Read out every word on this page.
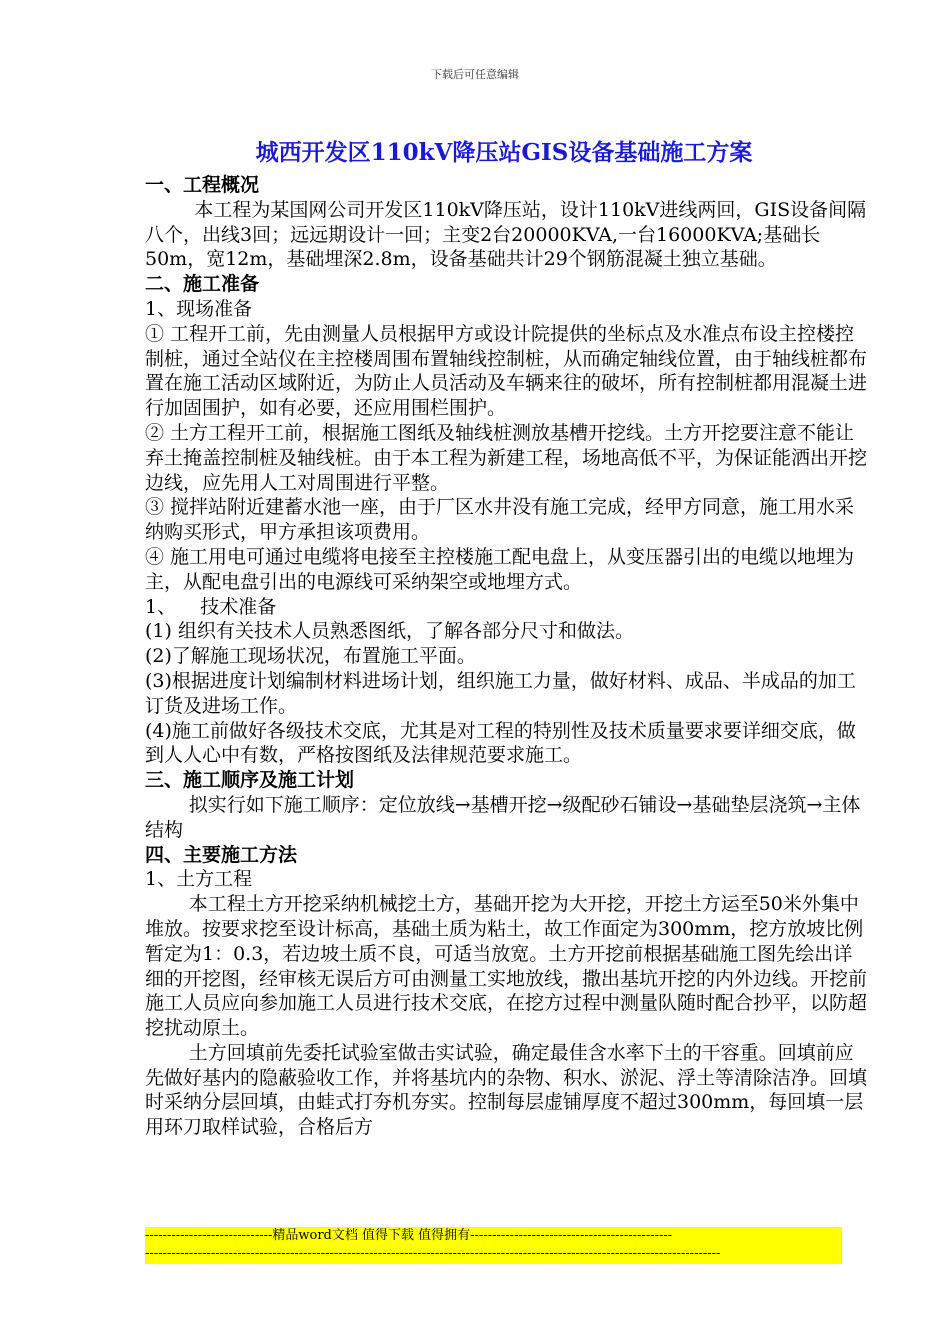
下载后可任意编辑
城西开发区110kV降压站GIS设备基础施工方案

一、工程概况

本工程为某国网公司开发区110kV降压站，设计110kV进线两回，GIS设备间隔八个，出线3回；远远期设计一回；主变2台20000KVA,一台16000KVA;基础长50m，宽12m，基础埋深2.8m，设备基础共计29个钢筋混凝土独立基础。

二、施工准备

1、现场准备

① 工程开工前，先由测量人员根据甲方或设计院提供的坐标点及水准点布设主控楼控制桩，通过全站仪在主控楼周围布置轴线控制桩，从而确定轴线位置，由于轴线桩都布置在施工活动区域附近，为防止人员活动及车辆来往的破坏，所有控制桩都用混凝土进行加固围护，如有必要，还应用围栏围护。

② 土方工程开工前，根据施工图纸及轴线桩测放基槽开挖线。土方开挖要注意不能让弃土掩盖控制桩及轴线桩。由于本工程为新建工程，场地高低不平，为保证能洒出开挖边线，应先用人工对周围进行平整。

③ 搅拌站附近建蓄水池一座，由于厂区水井没有施工完成，经甲方同意，施工用水采纳购买形式，甲方承担该项费用。

④ 施工用电可通过电缆将电接至主控楼施工配电盘上，从变压器引出的电缆以地埋为主，从配电盘引出的电源线可采纳架空或地埋方式。

1、    技术准备

(1) 组织有关技术人员熟悉图纸，了解各部分尺寸和做法。

(2)了解施工现场状况，布置施工平面。

(3)根据进度计划编制材料进场计划，组织施工力量，做好材料、成品、半成品的加工订货及进场工作。

(4)施工前做好各级技术交底，尤其是对工程的特别性及技术质量要求要详细交底，做到人人心中有数，严格按图纸及法律规范要求施工。

三、施工顺序及施工计划

拟实行如下施工顺序：定位放线→基槽开挖→级配砂石铺设→基础垫层浇筑→主体结构

四、主要施工方法

1、土方工程

本工程土方开挖采纳机械挖土方，基础开挖为大开挖，开挖土方运至50米外集中堆放。按要求挖至设计标高，基础土质为粘土，故工作面定为300mm，挖方放坡比例暂定为1：0.3，若边坡土质不良，可适当放宽。土方开挖前根据基础施工图先绘出详细的开挖图，经审核无误后方可由测量工实地放线，撒出基坑开挖的内外边线。开挖前施工人员应向参加施工人员进行技术交底，在挖方过程中测量队随时配合抄平，以防超挖扰动原土。

土方回填前先委托试验室做击实试验，确定最佳含水率下土的干容重。回填前应先做好基内的隐蔽验收工作，并将基坑内的杂物、积水、淤泥、浮土等清除洁净。回填时采纳分层回填，由蛙式打夯机夯实。控制每层虚铺厚度不超过300mm，每回填一层用环刀取样试验，合格后方

-----------------------------精品word文档 值得下载 值得拥有----------------------------------------------
-----------------------------------------------------------------------------------------------------------------------------------
